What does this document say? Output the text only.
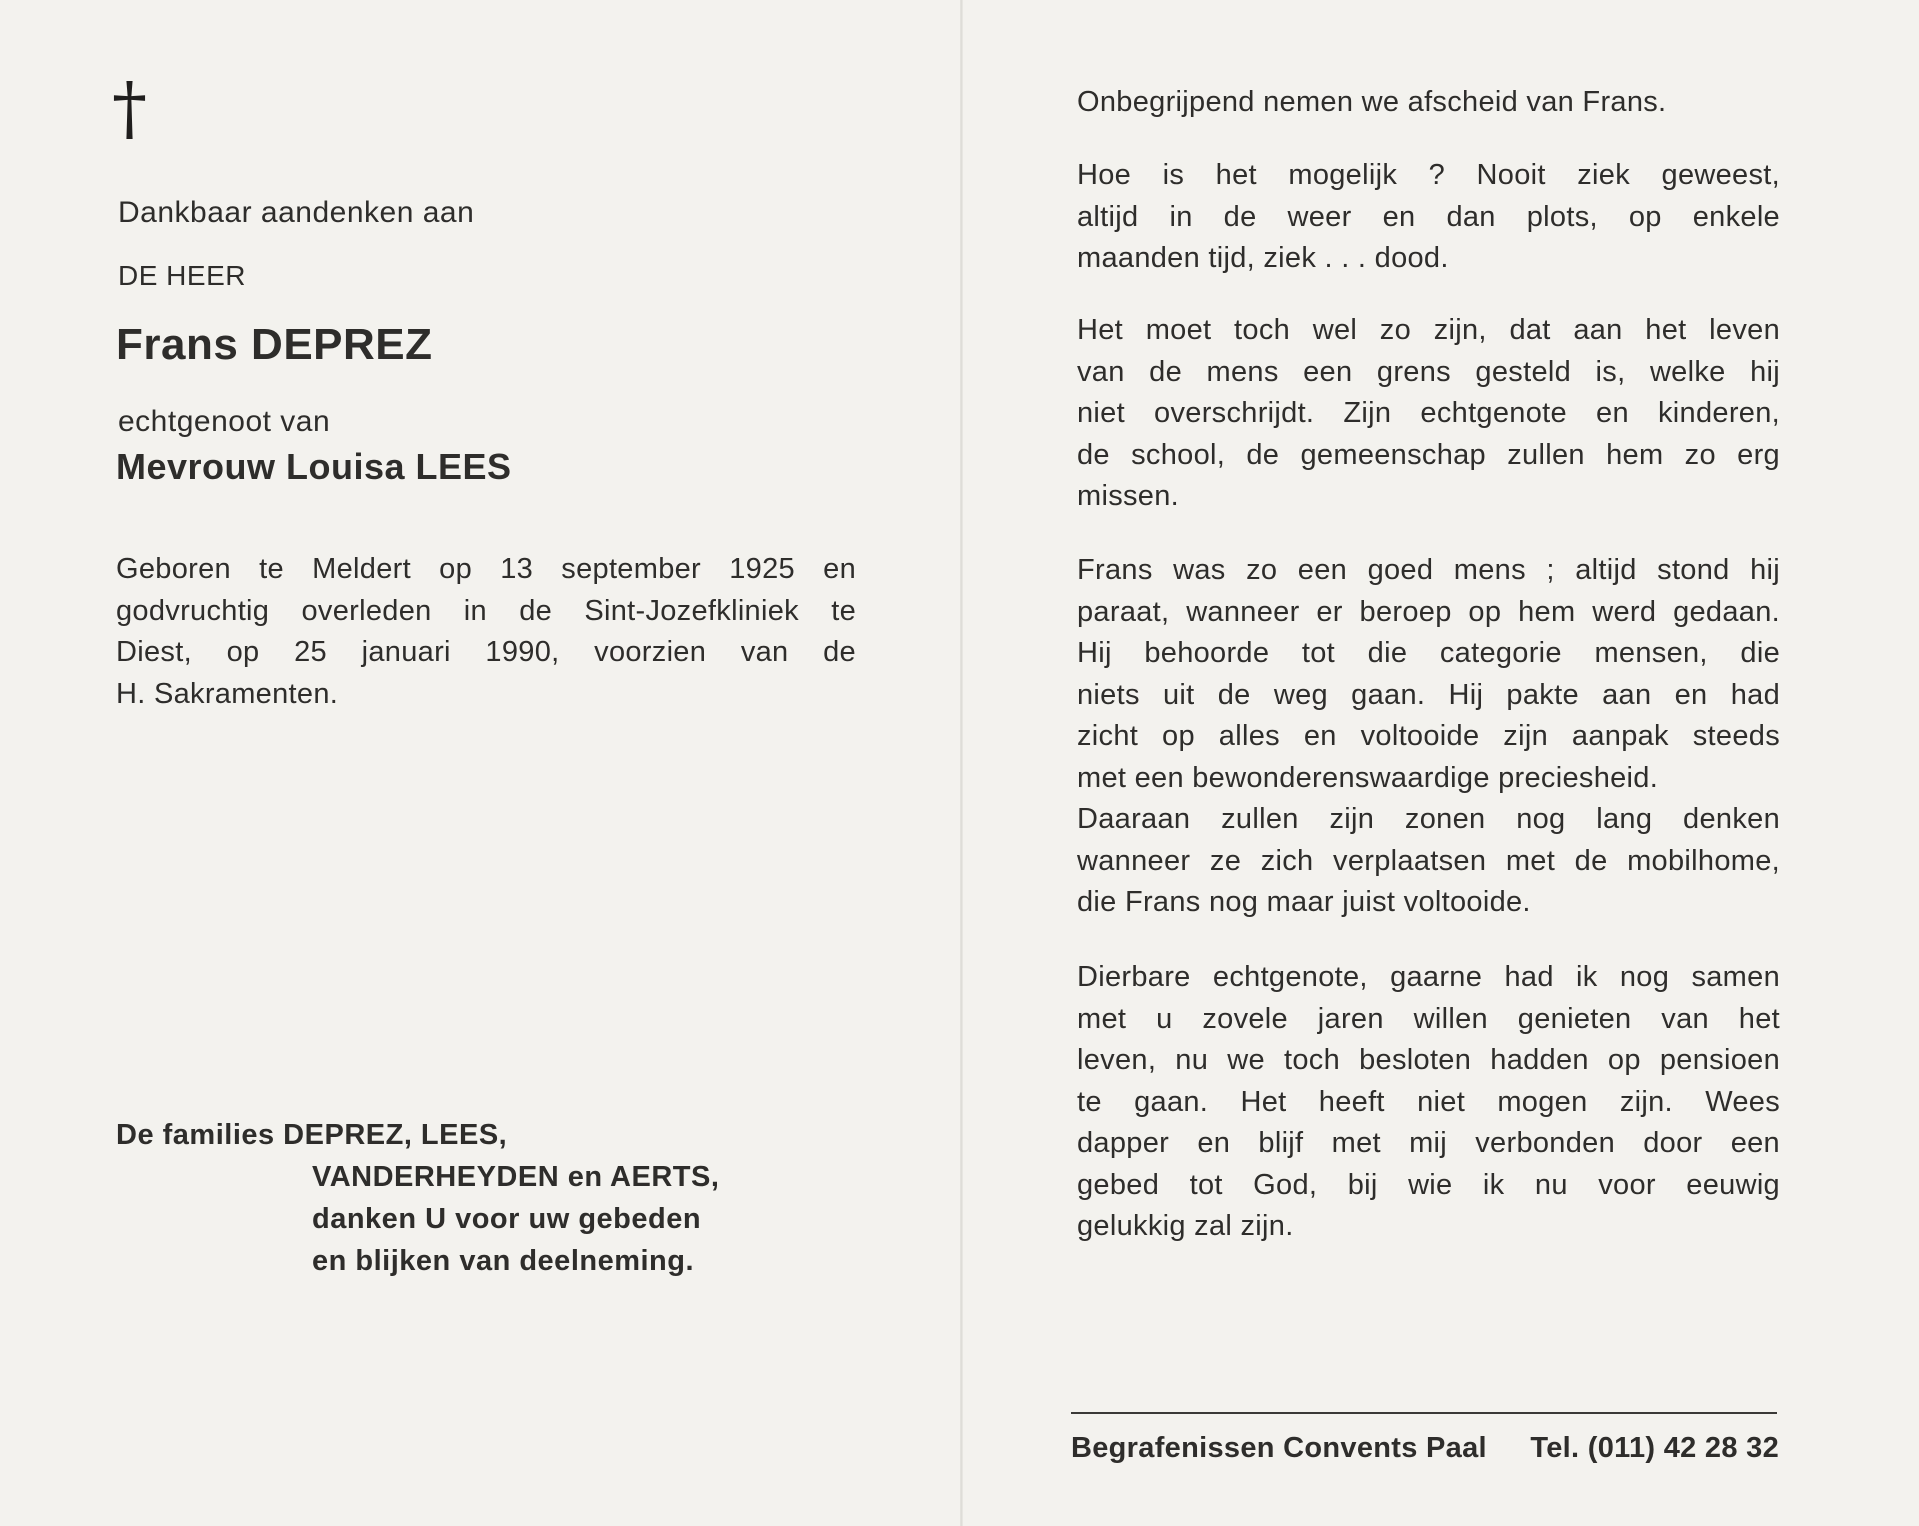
†
Dankbaar aandenken aan
DE HEER
Frans DEPREZ
echtgenoot van
Mevrouw Louisa LEES

Geboren te Meldert op 13 september 1925 en

godvruchtig overleden in de Sint-Jozefkliniek te

Diest, op 25 januari 1990, voorzien van de

H. Sakramenten.

De families DEPREZ, LEES,
VANDERHEYDEN en AERTS,
danken U voor uw gebeden
en blijken van deelneming.

Onbegrijpend nemen we afscheid van Frans.

Hoe is het mogelijk ? Nooit ziek geweest,

altijd in de weer en dan plots, op enkele

maanden tijd, ziek . . . dood.

Het moet toch wel zo zijn, dat aan het leven

van de mens een grens gesteld is, welke hij

niet overschrijdt. Zijn echtgenote en kinderen,

de school, de gemeenschap zullen hem zo erg

missen.

Frans was zo een goed mens ; altijd stond hij

paraat, wanneer er beroep op hem werd gedaan.

Hij behoorde tot die categorie mensen, die

niets uit de weg gaan. Hij pakte aan en had

zicht op alles en voltooide zijn aanpak steeds

met een bewonderenswaardige preciesheid.

Daaraan zullen zijn zonen nog lang denken

wanneer ze zich verplaatsen met de mobilhome,

die Frans nog maar juist voltooide.

Dierbare echtgenote, gaarne had ik nog samen

met u zovele jaren willen genieten van het

leven, nu we toch besloten hadden op pensioen

te gaan. Het heeft niet mogen zijn. Wees

dapper en blijf met mij verbonden door een

gebed tot God, bij wie ik nu voor eeuwig

gelukkig zal zijn.

Begrafenissen Convents Paal Tel. (011) 42 28 32
